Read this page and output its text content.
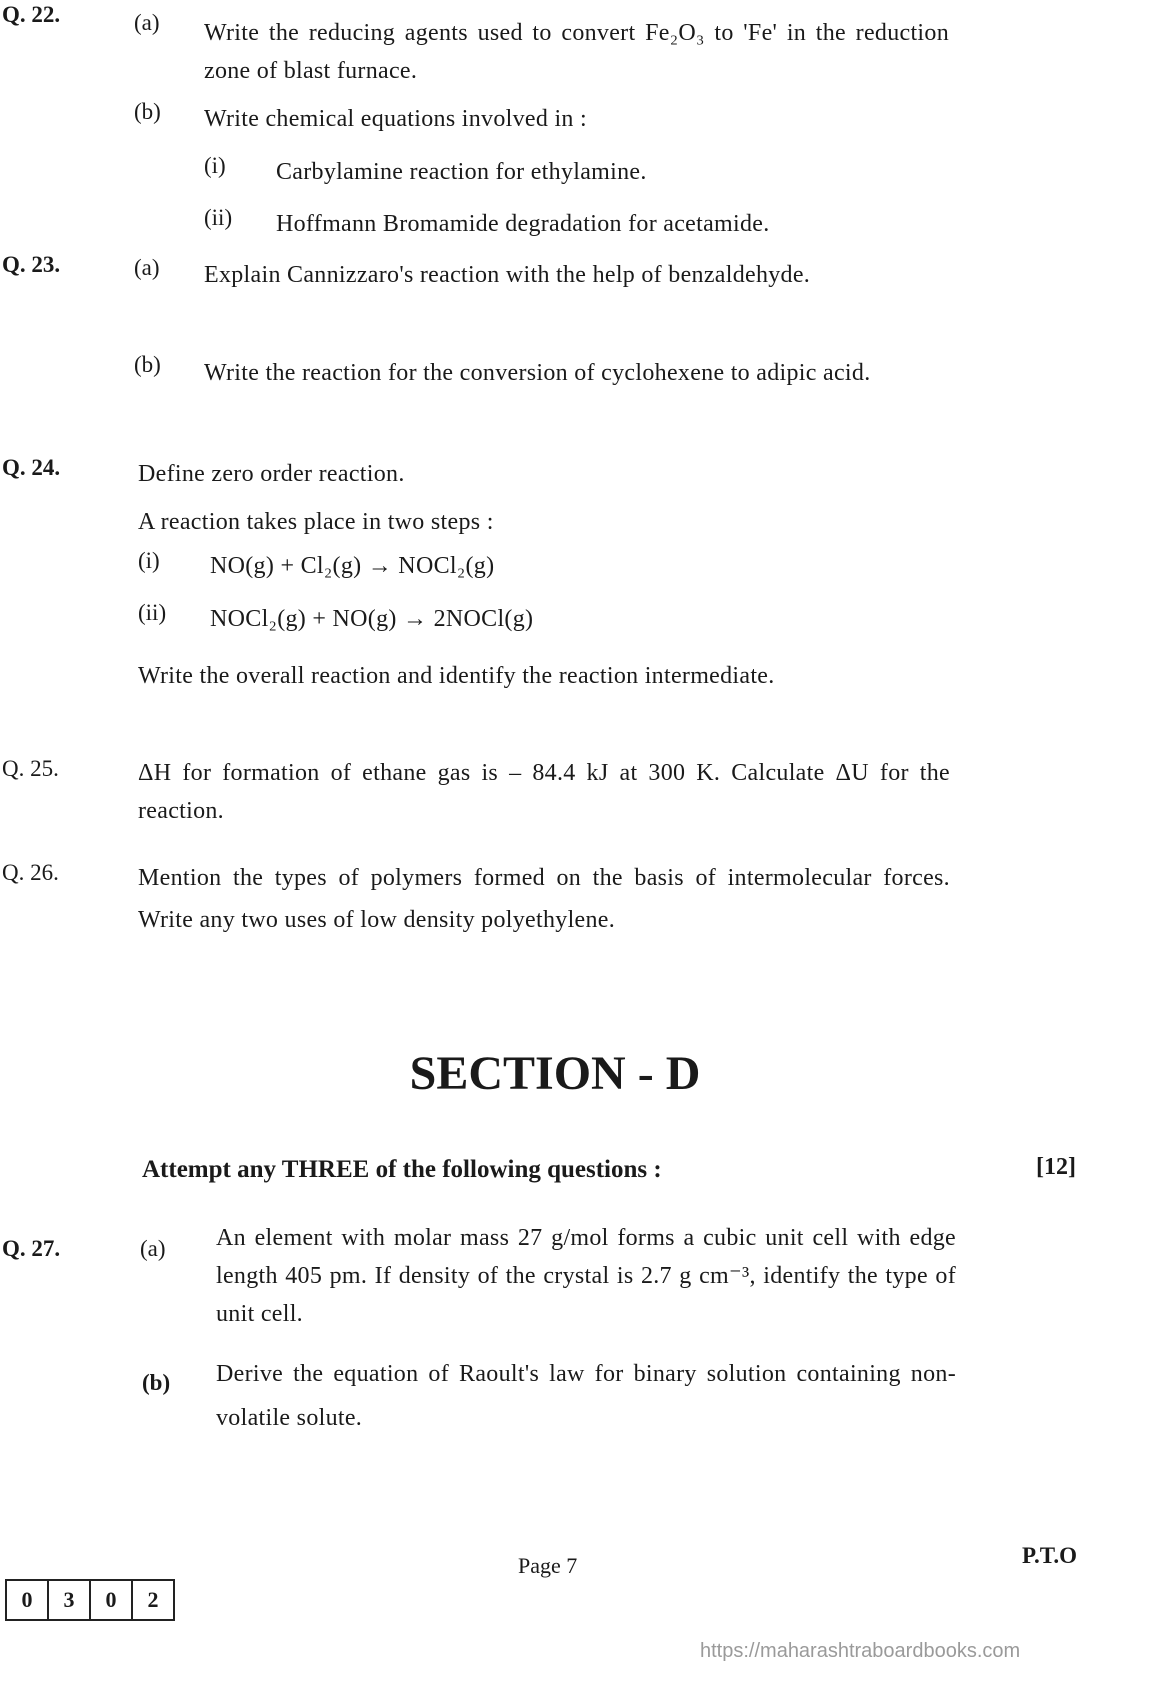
https://maharashtraboardbooks.com
Q. 22.	(a) Write the reducing agents used to convert Fe₂O₃ to 'Fe' in the reduction zone of blast furnace.
(b) Write chemical equations involved in :
(i) Carbylamine reaction for ethylamine.
(ii) Hoffmann Bromamide degradation for acetamide.
Q. 23.	(a) Explain Cannizzaro's reaction with the help of benzaldehyde.
(b) Write the reaction for the conversion of cyclohexene to adipic acid.
Q. 24.	Define zero order reaction.
A reaction takes place in two steps :
(i) NO(g) + Cl₂(g) → NOCl₂(g)
(ii) NOCl₂(g) + NO(g) → 2NOCl(g)
Write the overall reaction and identify the reaction intermediate.
Q. 25.	ΔH for formation of ethane gas is – 84.4 kJ at 300 K. Calculate ΔU for the reaction.
Q. 26.	Mention the types of polymers formed on the basis of intermolecular forces. Write any two uses of low density polyethylene.
SECTION - D
Attempt any THREE of the following questions :	[12]
Q. 27.	(a) An element with molar mass 27 g/mol forms a cubic unit cell with edge length 405 pm. If density of the crystal is 2.7 g cm⁻³, identify the type of unit cell.
(b) Derive the equation of Raoult's law for binary solution containing non-volatile solute.
Page 7	P.T.O
0	3	0	2
